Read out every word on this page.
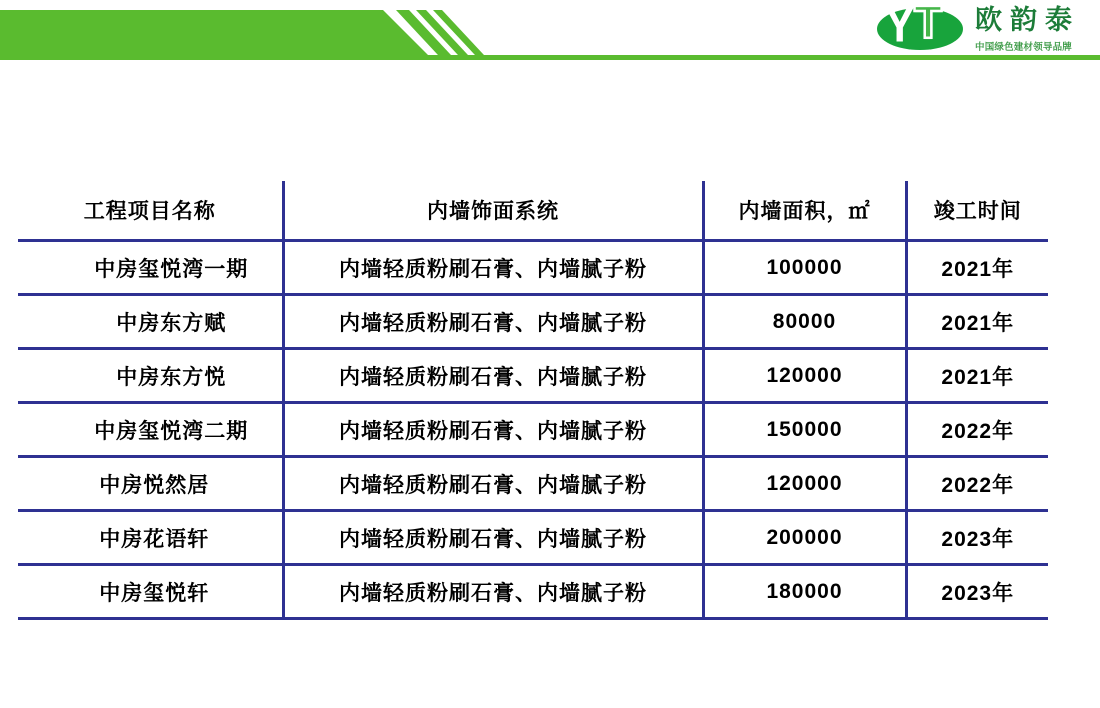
Y T 欧韵泰
中国绿色建材领导品牌
工程项目名称	内墙饰面系统	内墙面积，㎡	竣工时间
中房玺悦湾一期	内墙轻质粉刷石膏、内墙腻子粉	100000	2021年
中房东方赋	内墙轻质粉刷石膏、内墙腻子粉	80000	2021年
中房东方悦	内墙轻质粉刷石膏、内墙腻子粉	120000	2021年
中房玺悦湾二期	内墙轻质粉刷石膏、内墙腻子粉	150000	2022年
中房悦然居	内墙轻质粉刷石膏、内墙腻子粉	120000	2022年
中房花语轩	内墙轻质粉刷石膏、内墙腻子粉	200000	2023年
中房玺悦轩	内墙轻质粉刷石膏、内墙腻子粉	180000	2023年
